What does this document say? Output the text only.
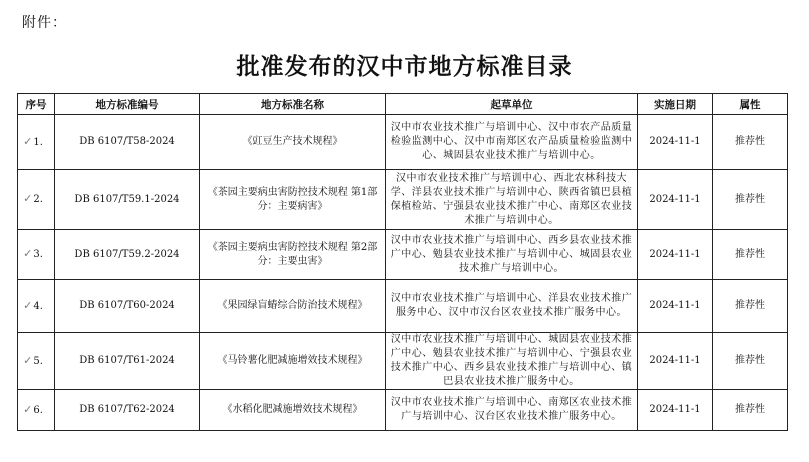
附件：
批准发布的汉中市地方标准目录
序号	地方标准编号	地方标准名称	起草单位	实施日期	属性
✓1.	DB 6107/T58-2024	《豇豆生产技术规程》	汉中市农业技术推广与培训中心、汉中市农产品质量检验监测中心、汉中市南郑区农产品质量检验监测中心、城固县农业技术推广与培训中心。	2024-11-1	推荐性
✓2.	DB 6107/T59.1-2024	《茶园主要病虫害防控技术规程 第1部分：主要病害》	汉中市农业技术推广与培训中心、西北农林科技大学、洋县农业技术推广与培训中心、陕西省镇巴县植保植检站、宁强县农业技术推广中心、南郑区农业技术推广与培训中心。	2024-11-1	推荐性
✓3.	DB 6107/T59.2-2024	《茶园主要病虫害防控技术规程 第2部分：主要虫害》	汉中市农业技术推广与培训中心、西乡县农业技术推广中心、勉县农业技术推广与培训中心、城固县农业技术推广与培训中心。	2024-11-1	推荐性
✓4.	DB 6107/T60-2024	《果园绿盲蝽综合防治技术规程》	汉中市农业技术推广与培训中心、洋县农业技术推广服务中心、汉中市汉台区农业技术推广服务中心。	2024-11-1	推荐性
✓5.	DB 6107/T61-2024	《马铃薯化肥减施增效技术规程》	汉中市农业技术推广与培训中心、城固县农业技术推广中心、勉县农业技术推广与培训中心、宁强县农业技术推广中心、西乡县农业技术推广与培训中心、镇巴县农业技术推广服务中心。	2024-11-1	推荐性
✓6.	DB 6107/T62-2024	《水稻化肥减施增效技术规程》	汉中市农业技术推广与培训中心、南郑区农业技术推广与培训中心、汉台区农业技术推广服务中心。	2024-11-1	推荐性
